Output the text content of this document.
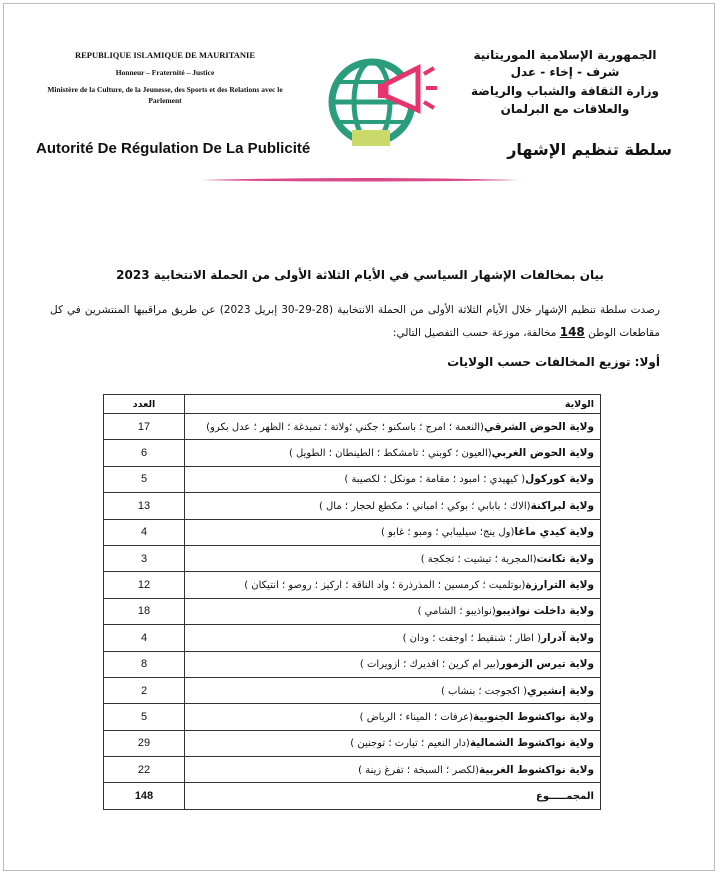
REPUBLIQUE ISLAMIQUE DE MAURITANIE
Honneur – Fraternité – Justice
Ministère de la Culture, de la Jeunesse, des Sports et des Relations avec le Parlement
Autorité De Régulation De La Publicité
الجمهورية الإسلامية الموريتانية
شرف - إخاء - عدل
وزارة الثقافة والشباب والرياضة والعلاقات مع البرلمان
سلطة تنظيم الإشهار
بيان بمخالفات الإشهار السياسي في الأيام الثلاثة الأولى من الحملة الانتخابية 2023
رصدت سلطة تنظيم الإشهار خلال الأيام الثلاثة الأولى من الحملة الانتخابية (28-29-30 إبريل 2023) عن طريق مراقبيها المنتشرين في كل مقاطعات الوطن 148 مخالفة، موزعة حسب التفصيل التالي:
أولا: توزيع المخالفات حسب الولايات
الولاية	العدد
ولاية الحوض الشرقي(النعمة ؛ امرج ؛ باسكنو ؛ جكني ؛ولاتة ؛ تمبدغة ؛ الظهر ؛ عدل بكرو)	17
ولاية الحوض الغربي(العيون ؛ كوبني ؛ تامشكط ؛ الطينطان ؛ الطويل )	6
ولاية كوركول( كيهيدي ؛ امبود ؛ مقامة ؛ مونكل ؛ لكصيبة )	5
ولاية لبراكنة(الاك ؛ بابابي ؛ بوكي ؛ امباني ؛ مكطع لحجار ؛ مال )	13
ولاية كيدي ماغا(ول ينج؛ سيليبابي ؛ ومبو ؛ غابو )	4
ولاية تكانت(المجرية ؛ تيشيت ؛ تجكجة )	3
ولاية الترارزة(بوتلميت ؛ كرمسين ؛ المذرذرة ؛ واد الناقة ؛ اركيز ؛ روصو ؛ انتيكان )	12
ولاية داخلت نواذيبو(نواذيبو ؛ الشامي )	18
ولاية آدرار( اطار ؛ شنقيط ؛ اوجفت ؛ ودان )	4
ولاية تيرس الزمور(بير ام كرين ؛ افديرك ؛ ازويرات )	8
ولاية إنشيري( اكجوجت ؛ بنشاب )	2
ولاية نواكشوط الجنوبية(عرفات ؛ الميناء ؛ الرياض )	5
ولاية نواكشوط الشمالية(دار النعيم ؛ تيارت ؛ توجنين )	29
ولاية نواكشوط الغربية(لكصر ؛ السبخة ؛ تفرغ زينة )	22
المجمـــــوع	148
